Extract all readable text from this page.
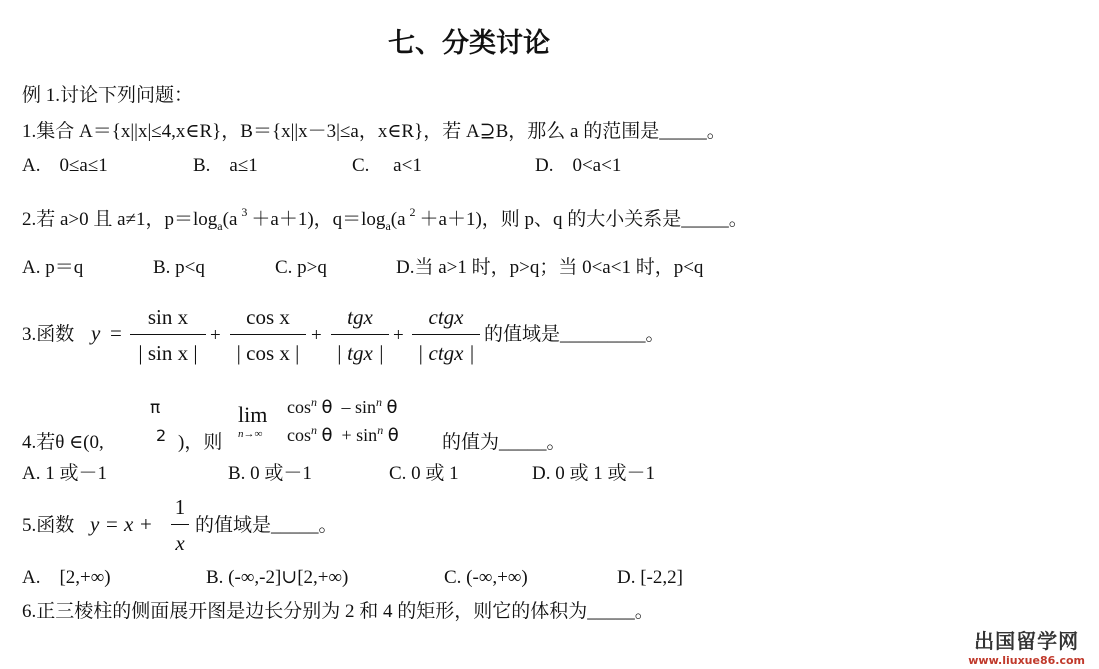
七、分类讨论
例 1.讨论下列问题：
1.集合 A＝{x||x|≤4,x∈R}，B＝{x||x－3|≤a，x∈R}，若 A⊇B，那么 a 的范围是_____。
A.　0≤a≤1	B.　a≤1	C.　 a<1	D.　0<a<1
2.若 a>0 且 a≠1，$p=\log_a(a$ $^3$ ＋a＋1)，$q=\log_a(a$ $^2$ ＋a＋1)，则 p、q 的大小关系是_____。
A. p＝q	B. p<q	C. p>q	D.当 a>1 时，p>q；当 0<a<1 时，p<q
3.函数 y =
sin x
| sin x |
+
cos x
| cos x |
+
tgx
| tgx |
+
ctgx
| ctgx |
的值域是_________。
π
2
4.若θ ∈(0,	)，则
lim
n→∞
$\cos^n \theta - \sin^n \theta$
$\cos^n \theta + \sin^n \theta$ 的值为_____。
A. 1 或－1	B. 0 或－1	C. 0 或 1	D. 0 或 1 或－1
5.函数 y = x +
1
x
的值域是_____。
A.　[2,+∞)	B. (-∞,-2]∪[2,+∞)	C. (-∞,+∞)	D. [-2,2]
6.正三棱柱的侧面展开图是边长分别为 2 和 4 的矩形，则它的体积为_____。
出国留学网
www.liuxue86.com
